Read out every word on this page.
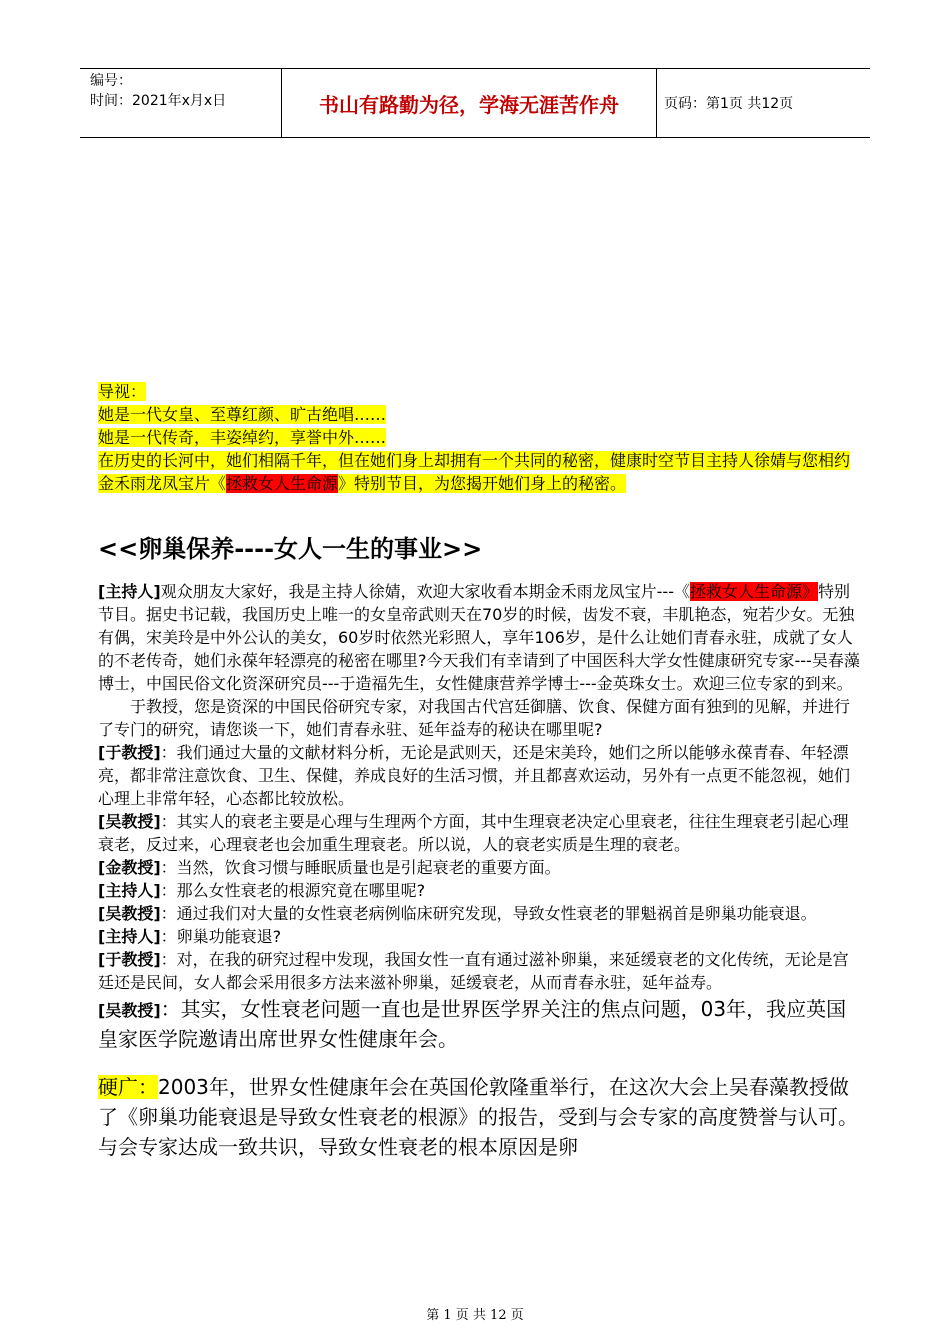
编号：
时间：2021年x月x日	书山有路勤为径，学海无涯苦作舟	页码：第1页 共12页
导视：
她是一代女皇、至尊红颜、旷古绝唱……
她是一代传奇，丰姿绰约，享誉中外……
在历史的长河中，她们相隔千年，但在她们身上却拥有一个共同的秘密，健康时空节目主持人徐婧与您相约金禾雨龙凤宝片《拯救女人生命源》特别节目，为您揭开她们身上的秘密。
<<卵巢保养----女人一生的事业>>

[主持人]观众朋友大家好，我是主持人徐婧，欢迎大家收看本期金禾雨龙凤宝片---《拯救女人生命源》特别节目。据史书记载，我国历史上唯一的女皇帝武则天在70岁的时候，齿发不衰，丰肌艳态，宛若少女。无独有偶，宋美玲是中外公认的美女，60岁时依然光彩照人，享年106岁，是什么让她们青春永驻，成就了女人的不老传奇，她们永葆年轻漂亮的秘密在哪里?今天我们有幸请到了中国医科大学女性健康研究专家---吴春藻博士，中国民俗文化资深研究员---于造福先生，女性健康营养学博士---金英珠女士。欢迎三位专家的到来。

于教授，您是资深的中国民俗研究专家，对我国古代宫廷御膳、饮食、保健方面有独到的见解，并进行了专门的研究，请您谈一下，她们青春永驻、延年益寿的秘诀在哪里呢?

[于教授]：我们通过大量的文献材料分析，无论是武则天，还是宋美玲，她们之所以能够永葆青春、年轻漂亮，都非常注意饮食、卫生、保健，养成良好的生活习惯，并且都喜欢运动，另外有一点更不能忽视，她们心理上非常年轻，心态都比较放松。

[吴教授]：其实人的衰老主要是心理与生理两个方面，其中生理衰老决定心里衰老，往往生理衰老引起心理衰老，反过来，心理衰老也会加重生理衰老。所以说，人的衰老实质是生理的衰老。

[金教授]：当然，饮食习惯与睡眠质量也是引起衰老的重要方面。

[主持人]：那么女性衰老的根源究竟在哪里呢?

[吴教授]：通过我们对大量的女性衰老病例临床研究发现，导致女性衰老的罪魁祸首是卵巢功能衰退。

[主持人]：卵巢功能衰退?

[于教授]：对，在我的研究过程中发现，我国女性一直有通过滋补卵巢，来延缓衰老的文化传统，无论是宫廷还是民间，女人都会采用很多方法来滋补卵巢，延缓衰老，从而青春永驻，延年益寿。

[吴教授]：其实，女性衰老问题一直也是世界医学界关注的焦点问题，03年，我应英国皇家医学院邀请出席世界女性健康年会。

硬广：2003年，世界女性健康年会在英国伦敦隆重举行，在这次大会上吴春藻教授做了《卵巢功能衰退是导致女性衰老的根源》的报告，受到与会专家的高度赞誉与认可。与会专家达成一致共识，导致女性衰老的根本原因是卵

第 1 页 共 12 页
